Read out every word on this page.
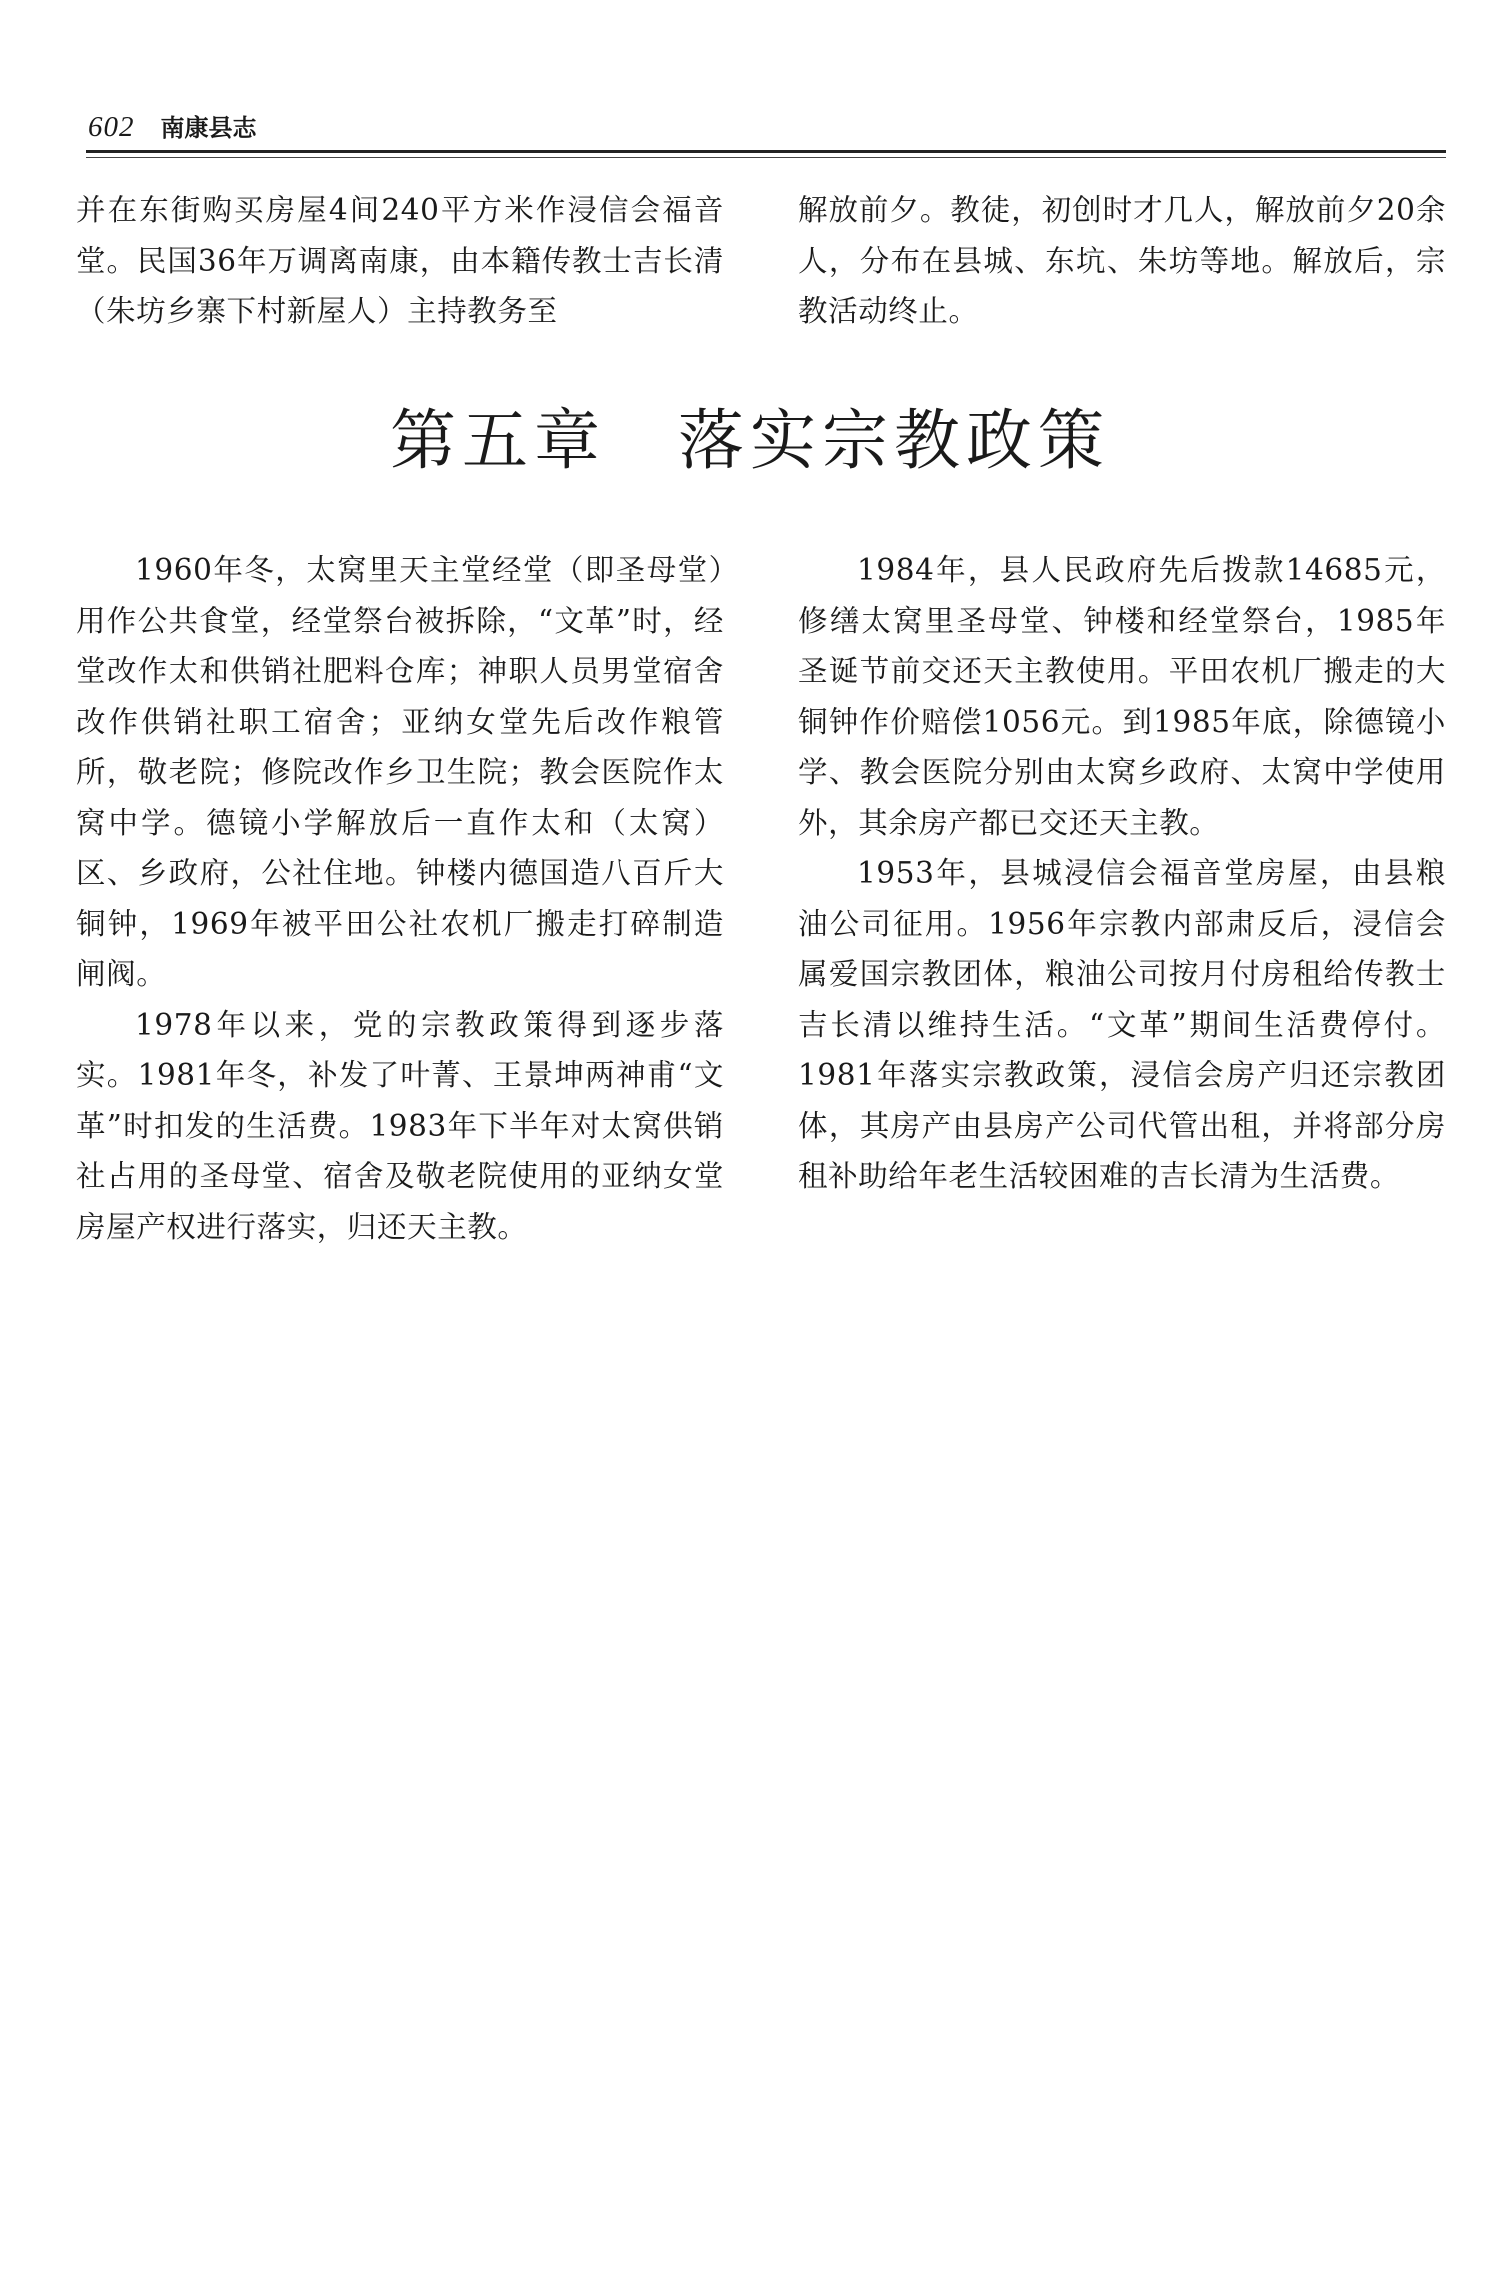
602 南康县志

并在东街购买房屋4间240平方米作浸信会福音堂。民国36年万调离南康，由本籍传教士吉长清（朱坊乡寨下村新屋人）主持教务至

解放前夕。教徒，初创时才几人，解放前夕20余人，分布在县城、东坑、朱坊等地。解放后，宗教活动终止。

第五章　落实宗教政策

1960年冬，太窝里天主堂经堂（即圣母堂）用作公共食堂，经堂祭台被拆除，“文革”时，经堂改作太和供销社肥料仓库；神职人员男堂宿舍改作供销社职工宿舍；亚纳女堂先后改作粮管所，敬老院；修院改作乡卫生院；教会医院作太窝中学。德镜小学解放后一直作太和（太窝）区、乡政府，公社住地。钟楼内德国造八百斤大铜钟，1969年被平田公社农机厂搬走打碎制造闸阀。

1978年以来，党的宗教政策得到逐步落实。1981年冬，补发了叶菁、王景坤两神甫“文革”时扣发的生活费。1983年下半年对太窝供销社占用的圣母堂、宿舍及敬老院使用的亚纳女堂房屋产权进行落实，归还天主教。

1984年，县人民政府先后拨款14685元，修缮太窝里圣母堂、钟楼和经堂祭台，1985年圣诞节前交还天主教使用。平田农机厂搬走的大铜钟作价赔偿1056元。到1985年底，除德镜小学、教会医院分别由太窝乡政府、太窝中学使用外，其余房产都已交还天主教。

1953年，县城浸信会福音堂房屋，由县粮油公司征用。1956年宗教内部肃反后，浸信会属爱国宗教团体，粮油公司按月付房租给传教士吉长清以维持生活。“文革”期间生活费停付。1981年落实宗教政策，浸信会房产归还宗教团体，其房产由县房产公司代管出租，并将部分房租补助给年老生活较困难的吉长清为生活费。
